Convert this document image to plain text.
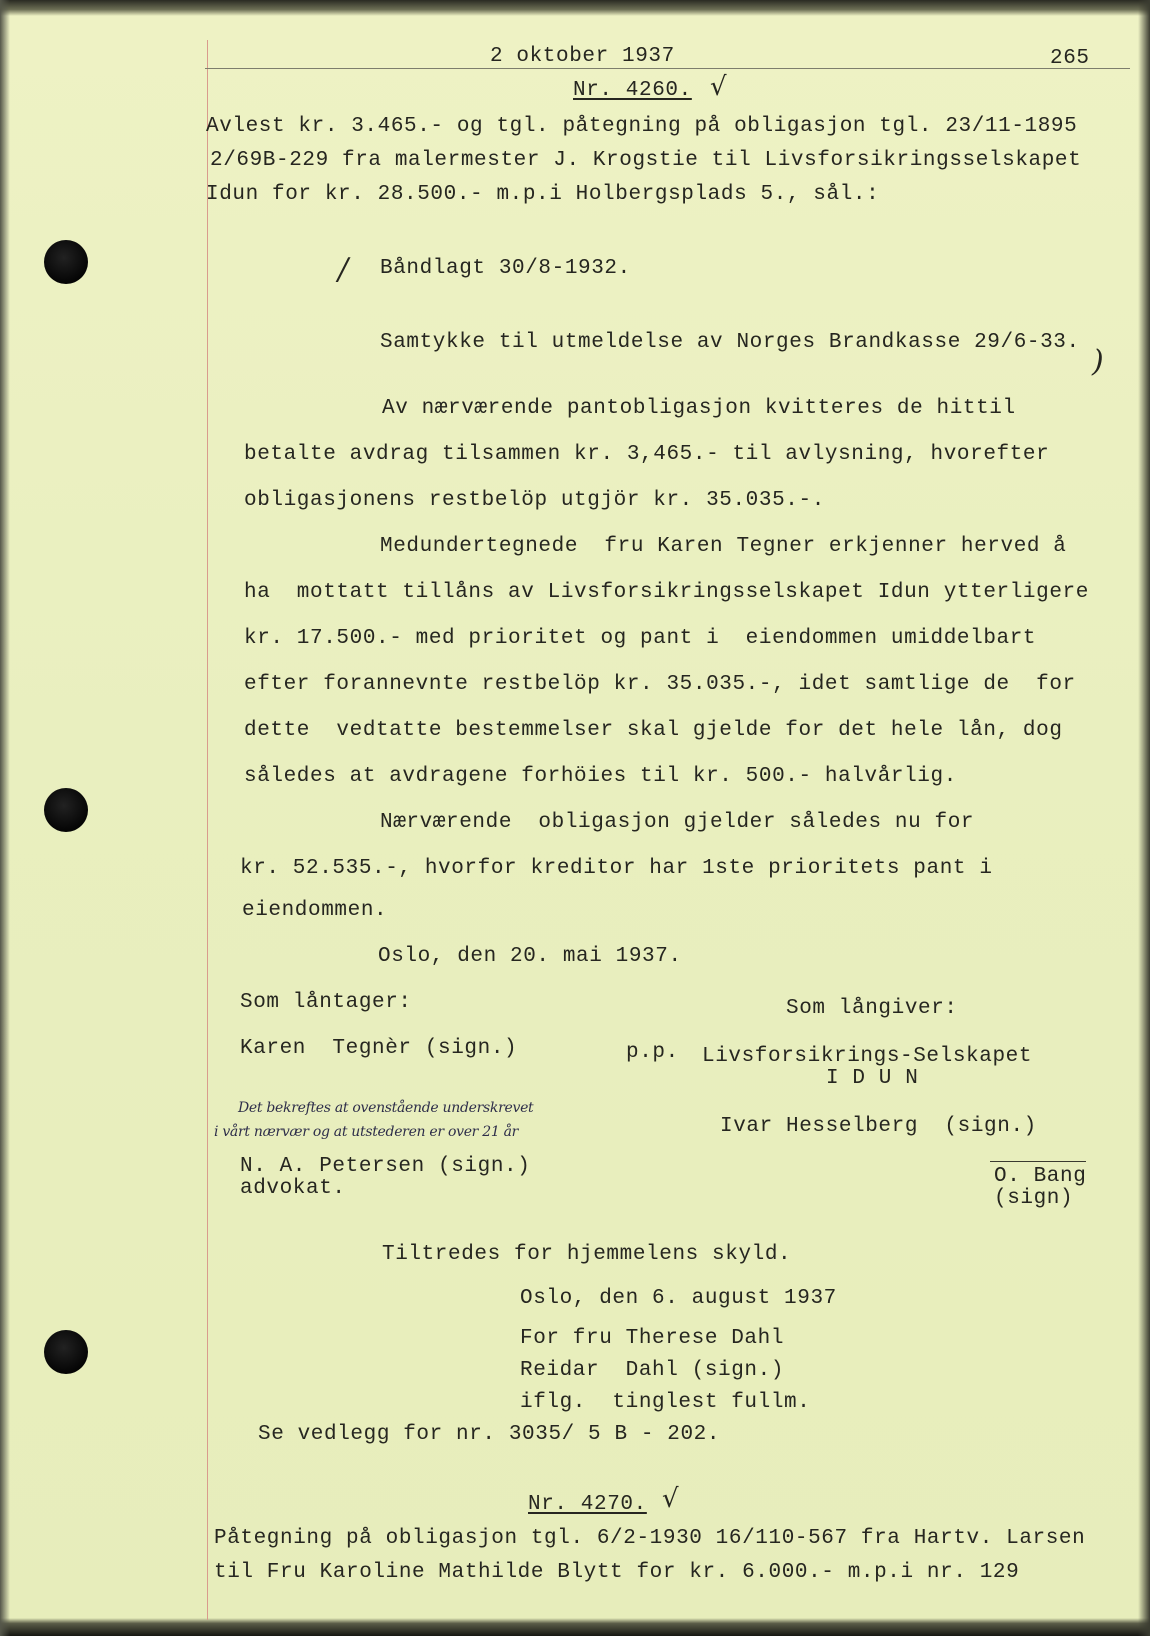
2 oktober 1937	265
Nr. 4260. √
Avlest kr. 3.465.- og tgl. påtegning på obligasjon tgl. 23/11-1895
2/69B-229 fra malermester J. Krogstie til Livsforsikringsselskapet
Idun for kr. 28.500.- m.p.i Holbergsplads 5., sål.:
/ Båndlagt 30/8-1932.
Samtykke til utmeldelse av Norges Brandkasse 29/6-33.
)
Av nærværende pantobligasjon kvitteres de hittil
betalte avdrag tilsammen kr. 3,465.- til avlysning, hvorefter
obligasjonens restbelöp utgjör kr. 35.035.-.
Medundertegnede  fru Karen Tegner erkjenner herved å
ha  mottatt tillåns av Livsforsikringsselskapet Idun ytterligere
kr. 17.500.- med prioritet og pant i  eiendommen umiddelbart
efter forannevnte restbelöp kr. 35.035.-, idet samtlige de  for
dette  vedtatte bestemmelser skal gjelde for det hele lån, dog
således at avdragene forhöies til kr. 500.- halvårlig.
Nærværende  obligasjon gjelder således nu for
kr. 52.535.-, hvorfor kreditor har 1ste prioritets pant i
eiendommen.
Oslo, den 20. mai 1937.
Som låntager:	Som långiver:
Karen  Tegnèr (sign.)	p.p. Livsforsikrings-Selskapet
I D U N
Det bekreftes at ovenstående underskrevet
i vårt nærvær og at utstederen er over 21 år	Ivar Hesselberg  (sign.)
N. A. Petersen (sign.)
advokat.
O. Bang
(sign)
Tiltredes for hjemmelens skyld.
Oslo, den 6. august 1937
For fru Therese Dahl
Reidar  Dahl (sign.)
iflg.  tinglest fullm.
Se vedlegg for nr. 3035/ 5 B - 202.
Nr. 4270. √
Påtegning på obligasjon tgl. 6/2-1930 16/110-567 fra Hartv. Larsen
til Fru Karoline Mathilde Blytt for kr. 6.000.- m.p.i nr. 129
